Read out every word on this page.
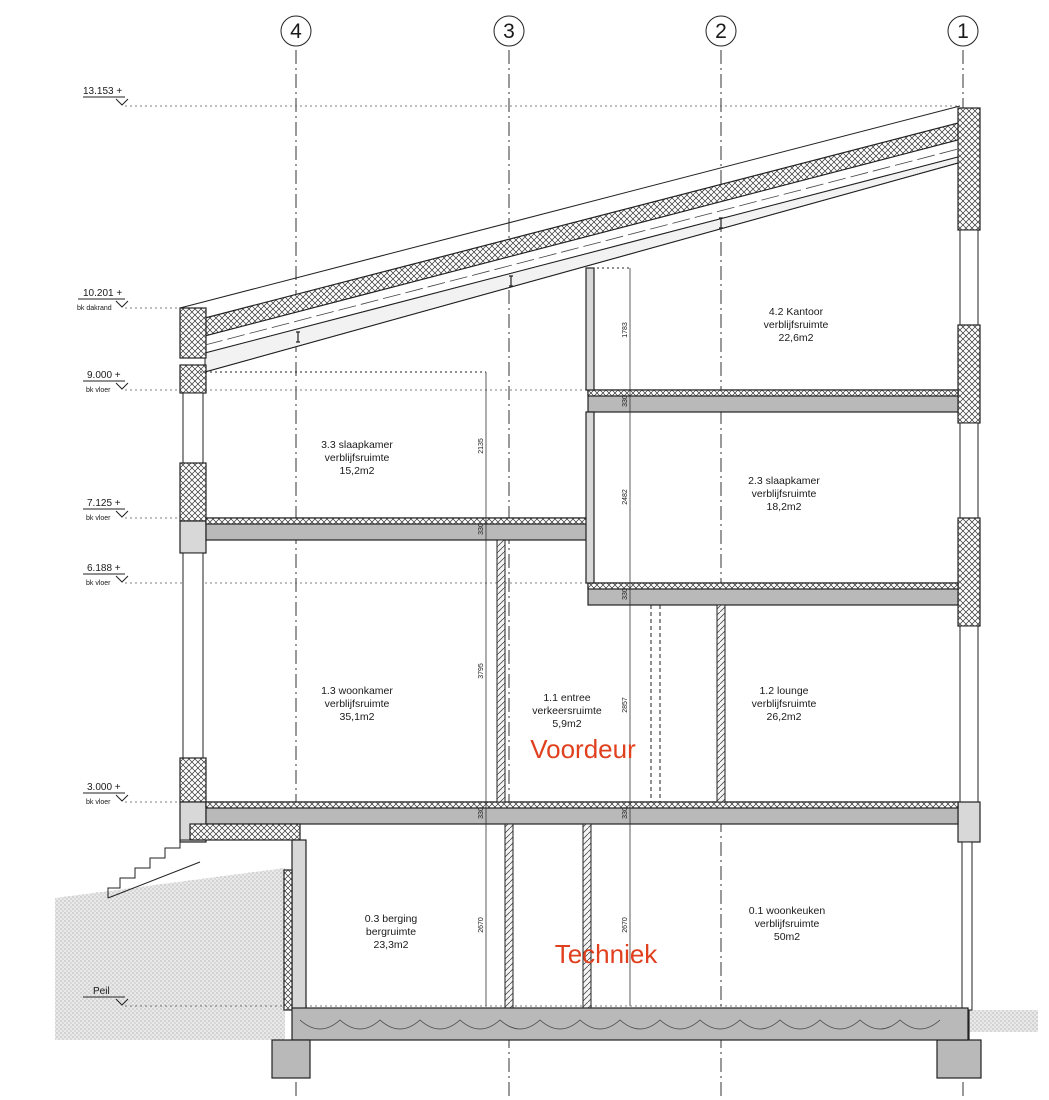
4	3	2	1
13.153 +
10.201 +
bk dakrand
9.000 +
bk vloer
7.125 +
bk vloer
6.188 +
bk vloer
3.000 +
bk vloer
Peil
1783
330
2482
330
2135
330
3795
2857
330	330
2670	2670
4.2 Kantoor
verblijfsruimte
22,6m2
3.3 slaapkamer
verblijfsruimte
15,2m2
2.3 slaapkamer
verblijfsruimte
18,2m2
1.3 woonkamer
verblijfsruimte
35,1m2
1.1 entree
verkeersruimte
5,9m2
1.2 lounge
verblijfsruimte
26,2m2
0.3 berging
bergruimte
23,3m2
0.1 woonkeuken
verblijfsruimte
50m2
Voordeur
Techniek
